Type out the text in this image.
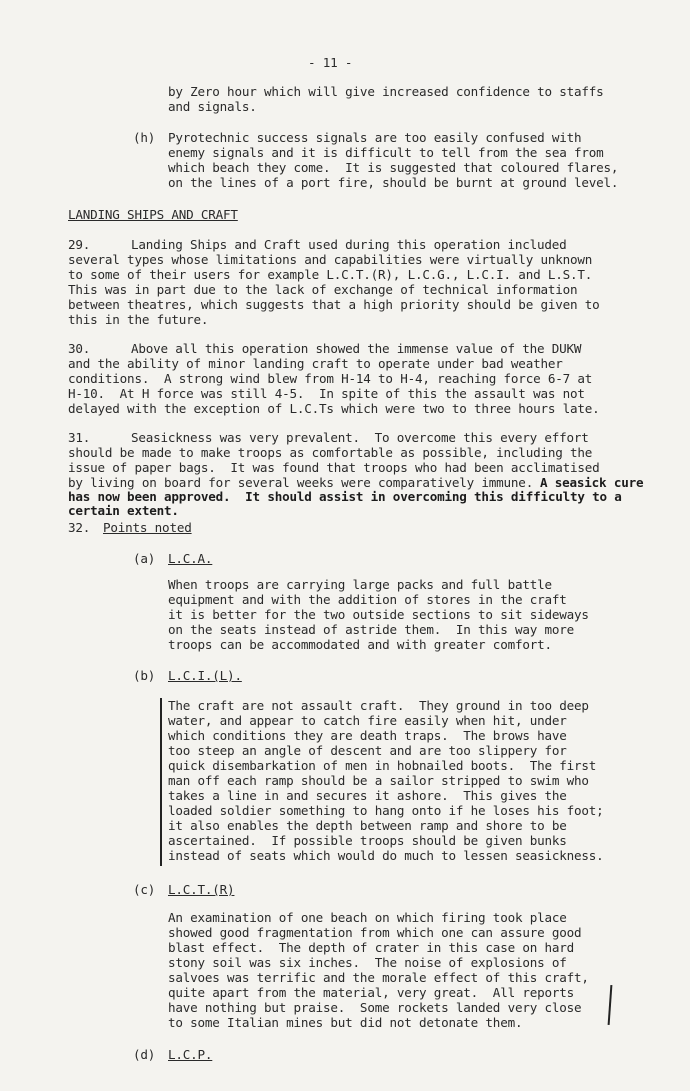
- 11 -
by Zero hour which will give increased confidence to staffs
and signals.
(h) Pyrotechnic success signals are too easily confused with
enemy signals and it is difficult to tell from the sea from
which beach they come.  It is suggested that coloured flares,
on the lines of a port fire, should be burnt at ground level.
LANDING SHIPS AND CRAFT
29.	Landing Ships and Craft used during this operation included
several types whose limitations and capabilities were virtually unknown
to some of their users for example L.C.T.(R), L.C.G., L.C.I. and L.S.T.
This was in part due to the lack of exchange of technical information
between theatres, which suggests that a high priority should be given to
this in the future.
30.	Above all this operation showed the immense value of the DUKW
and the ability of minor landing craft to operate under bad weather
conditions.  A strong wind blew from H-14 to H-4, reaching force 6-7 at
H-10.  At H force was still 4-5.  In spite of this the assault was not
delayed with the exception of L.C.Ts which were two to three hours late.
31.	Seasickness was very prevalent.  To overcome this every effort
should be made to make troops as comfortable as possible, including the
issue of paper bags.  It was found that troops who had been acclimatised
by living on board for several weeks were comparatively immune. A seasick cure
has now been approved.  It should assist in overcoming this difficulty to a
certain extent.
32. Points noted
(a) L.C.A.
When troops are carrying large packs and full battle
equipment and with the addition of stores in the craft
it is better for the two outside sections to sit sideways
on the seats instead of astride them.  In this way more
troops can be accommodated and with greater comfort.
(b) L.C.I.(L).
The craft are not assault craft.  They ground in too deep
water, and appear to catch fire easily when hit, under
which conditions they are death traps.  The brows have
too steep an angle of descent and are too slippery for
quick disembarkation of men in hobnailed boots.  The first
man off each ramp should be a sailor stripped to swim who
takes a line in and secures it ashore.  This gives the
loaded soldier something to hang onto if he loses his foot;
it also enables the depth between ramp and shore to be
ascertained.  If possible troops should be given bunks
instead of seats which would do much to lessen seasickness.
(c) L.C.T.(R)
An examination of one beach on which firing took place
showed good fragmentation from which one can assure good
blast effect.  The depth of crater in this case on hard
stony soil was six inches.  The noise of explosions of
salvoes was terrific and the morale effect of this craft,
quite apart from the material, very great.  All reports
have nothing but praise.  Some rockets landed very close
to some Italian mines but did not detonate them.
(d) L.C.P.
